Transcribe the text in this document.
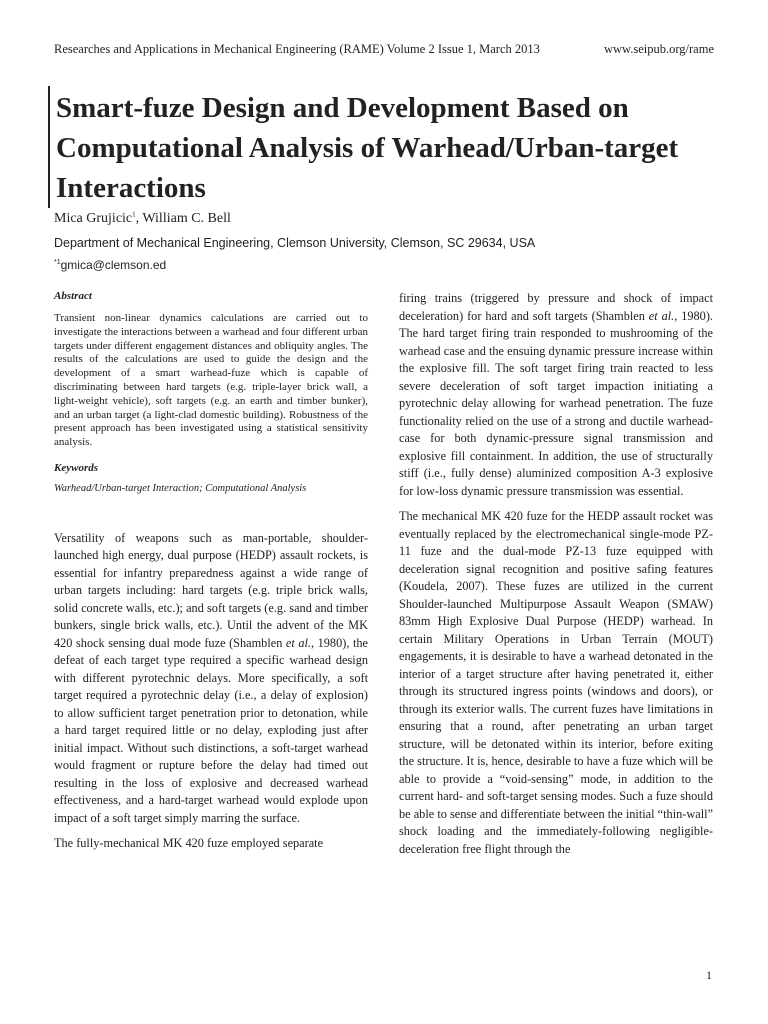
Researches and Applications in Mechanical Engineering (RAME) Volume 2 Issue 1, March 2013	www.seipub.org/rame
Smart-fuze Design and Development Based on Computational Analysis of Warhead/Urban-target Interactions
Mica Grujicic$^1$, William C. Bell
Department of Mechanical Engineering, Clemson University, Clemson, SC 29634, USA
$^{*1}$gmica@clemson.ed
Abstract

Transient non-linear dynamics calculations are carried out to investigate the interactions between a warhead and four different urban targets under different engagement distances and obliquity angles. The results of the calculations are used to guide the design and the development of a smart warhead-fuze which is capable of discriminating between hard targets (e.g. triple-layer brick wall, a light-weight vehicle), soft targets (e.g. an earth and timber bunker), and an urban target (a light-clad domestic building). Robustness of the present approach has been investigated using a statistical sensitivity analysis.

Keywords

Warhead/Urban-target Interaction; Computational Analysis

Versatility of weapons such as man-portable, shoulder-launched high energy, dual purpose (HEDP) assault rockets, is essential for infantry preparedness against a wide range of urban targets including: hard targets (e.g. triple brick walls, solid concrete walls, etc.); and soft targets (e.g. sand and timber bunkers, single brick walls, etc.). Until the advent of the MK 420 shock sensing dual mode fuze (Shamblen et al., 1980), the defeat of each target type required a specific warhead design with different pyrotechnic delays. More specifically, a soft target required a pyrotechnic delay (i.e., a delay of explosion) to allow sufficient target penetration prior to detonation, while a hard target required little or no delay, exploding just after initial impact. Without such distinctions, a soft-target warhead would fragment or rupture before the delay had timed out resulting in the loss of explosive and decreased warhead effectiveness, and a hard-target warhead would explode upon impact of a soft target simply marring the surface.

The fully-mechanical MK 420 fuze employed separate

firing trains (triggered by pressure and shock of impact deceleration) for hard and soft targets (Shamblen et al., 1980). The hard target firing train responded to mushrooming of the warhead case and the ensuing dynamic pressure increase within the explosive fill. The soft target firing train reacted to less severe deceleration of soft target impaction initiating a pyrotechnic delay allowing for warhead penetration. The fuze functionality relied on the use of a strong and ductile warhead-case for both dynamic-pressure signal transmission and explosive fill containment. In addition, the use of structurally stiff (i.e., fully dense) aluminized composition A-3 explosive for low-loss dynamic pressure transmission was essential.

The mechanical MK 420 fuze for the HEDP assault rocket was eventually replaced by the electromechanical single-mode PZ-11 fuze and the dual-mode PZ-13 fuze equipped with deceleration signal recognition and positive safing features (Koudela, 2007). These fuzes are utilized in the current Shoulder-launched Multipurpose Assault Weapon (SMAW) 83mm High Explosive Dual Purpose (HEDP) warhead. In certain Military Operations in Urban Terrain (MOUT) engagements, it is desirable to have a warhead detonated in the interior of a target structure after having penetrated it, either through its structured ingress points (windows and doors), or through its exterior walls. The current fuzes have limitations in ensuring that a round, after penetrating an urban target structure, will be detonated within its interior, before exiting the structure. It is, hence, desirable to have a fuze which will be able to provide a “void-sensing” mode, in addition to the current hard- and soft-target sensing modes. Such a fuze should be able to sense and differentiate between the initial “thin-wall” shock loading and the immediately-following negligible-deceleration free flight through the

1
